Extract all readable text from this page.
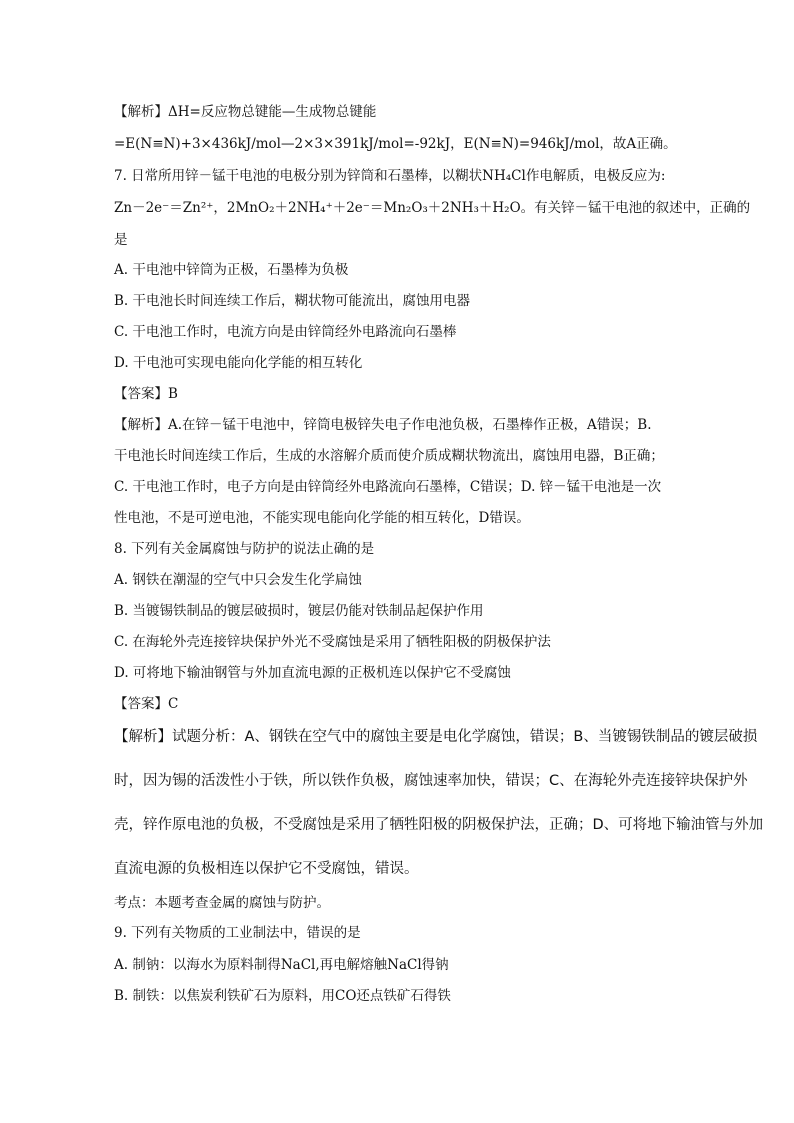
【解析】ΔH=反应物总键能—生成物总键能
=E(N≡N)+3×436kJ/mol—2×3×391kJ/mol=-92kJ，E(N≡N)=946kJ/mol，故A正确。
7. 日常所用锌－锰干电池的电极分别为锌筒和石墨棒，以糊状NH₄Cl作电解质，电极反应为:
Zn－2e⁻＝Zn²⁺，2MnO₂＋2NH₄⁺＋2e⁻＝Mn₂O₃＋2NH₃＋H₂O。有关锌－锰干电池的叙述中，正确的
是
A. 干电池中锌筒为正极，石墨棒为负极
B. 干电池长时间连续工作后，糊状物可能流出，腐蚀用电器
C. 干电池工作时，电流方向是由锌筒经外电路流向石墨棒
D. 干电池可实现电能向化学能的相互转化
【答案】B
【解析】A.在锌－锰干电池中，锌筒电极锌失电子作电池负极，石墨棒作正极，A错误；B.
干电池长时间连续工作后，生成的水溶解介质而使介质成糊状物流出，腐蚀用电器，B正确；
C. 干电池工作时，电子方向是由锌筒经外电路流向石墨棒，C错误；D. 锌－锰干电池是一次
性电池，不是可逆电池，不能实现电能向化学能的相互转化，D错误。
8. 下列有关金属腐蚀与防护的说法止确的是
A. 钢铁在潮湿的空气中只会发生化学扁蚀
B. 当镀锡铁制品的镀层破损时，镀层仍能对铁制品起保护作用
C. 在海轮外壳连接锌块保护外光不受腐蚀是采用了牺牲阳极的阴极保护法
D. 可将地下输油钢管与外加直流电源的正极机连以保护它不受腐蚀
【答案】C
【解析】试题分析：A、钢铁在空气中的腐蚀主要是电化学腐蚀，错误；B、当镀锡铁制品的镀层破损
时，因为锡的活泼性小于铁，所以铁作负极，腐蚀速率加快，错误；C、在海轮外壳连接锌块保护外
壳，锌作原电池的负极，不受腐蚀是采用了牺牲阳极的阴极保护法，正确；D、可将地下输油管与外加
直流电源的负极相连以保护它不受腐蚀，错误。
考点：本题考查金属的腐蚀与防护。
9. 下列有关物质的工业制法中，错误的是
A. 制钠：以海水为原料制得NaCl,再电解熔触NaCl得钠
B. 制铁：以焦炭利铁矿石为原料，用CO还点铁矿石得铁
